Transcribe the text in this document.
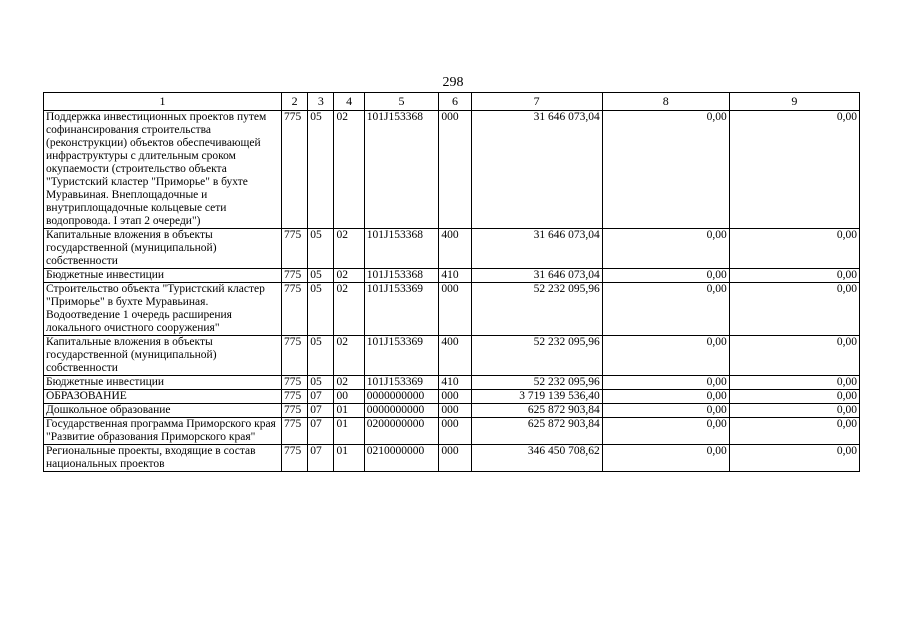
298
1	2	3	4	5	6	7	8	9
Поддержка инвестиционных проектов путем софинансирования строительства (реконструкции) объектов обеспечивающей инфраструктуры с длительным сроком окупаемости (строительство объекта "Туристский кластер "Приморье" в бухте Муравьиная. Внеплощадочные и внутриплощадочные кольцевые сети водопровода. I этап 2 очереди")	775	05	02	101J153368	000	31 646 073,04	0,00	0,00
Капитальные вложения в объекты государственной (муниципальной) собственности	775	05	02	101J153368	400	31 646 073,04	0,00	0,00
Бюджетные инвестиции	775	05	02	101J153368	410	31 646 073,04	0,00	0,00
Строительство объекта "Туристский кластер "Приморье" в бухте Муравьиная. Водоотведение 1 очередь расширения локального очистного сооружения"	775	05	02	101J153369	000	52 232 095,96	0,00	0,00
Капитальные вложения в объекты государственной (муниципальной) собственности	775	05	02	101J153369	400	52 232 095,96	0,00	0,00
Бюджетные инвестиции	775	05	02	101J153369	410	52 232 095,96	0,00	0,00
ОБРАЗОВАНИЕ	775	07	00	0000000000	000	3 719 139 536,40	0,00	0,00
Дошкольное образование	775	07	01	0000000000	000	625 872 903,84	0,00	0,00
Государственная программа Приморского края "Развитие образования Приморского края"	775	07	01	0200000000	000	625 872 903,84	0,00	0,00
Региональные проекты, входящие в состав национальных проектов	775	07	01	0210000000	000	346 450 708,62	0,00	0,00
